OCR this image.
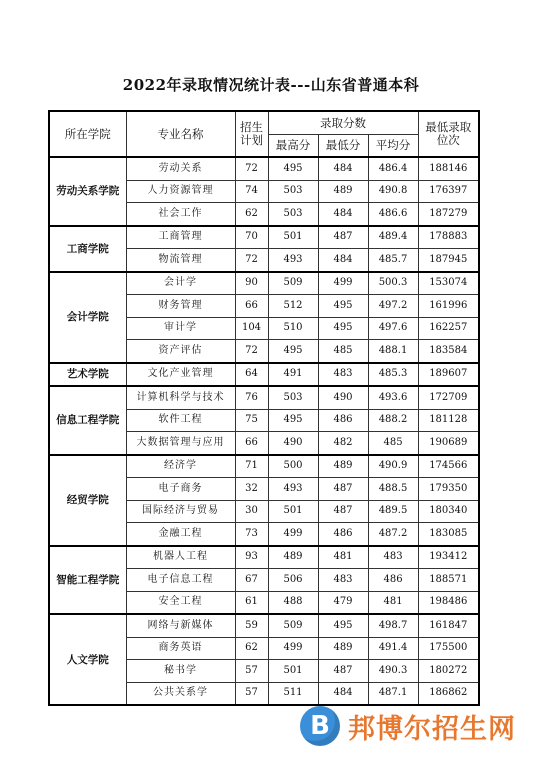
2022年录取情况统计表---山东省普通本科
所在学院	专业名称	招生计划	录取分数			最低录取位次
			最高分	最低分	平均分	
劳动关系学院	劳动关系	72	495	484	486.4	188146
	人力资源管理	74	503	489	490.8	176397
	社会工作	62	503	484	486.6	187279
工商学院	工商管理	70	501	487	489.4	178883
	物流管理	72	493	484	485.7	187945
会计学院	会计学	90	509	499	500.3	153074
	财务管理	66	512	495	497.2	161996
	审计学	104	510	495	497.6	162257
	资产评估	72	495	485	488.1	183584
艺术学院	文化产业管理	64	491	483	485.3	189607
信息工程学院	计算机科学与技术	76	503	490	493.6	172709
	软件工程	75	495	486	488.2	181128
	大数据管理与应用	66	490	482	485	190689
经贸学院	经济学	71	500	489	490.9	174566
	电子商务	32	493	487	488.5	179350
	国际经济与贸易	30	501	487	489.5	180340
	金融工程	73	499	486	487.2	183085
智能工程学院	机器人工程	93	489	481	483	193412
	电子信息工程	67	506	483	486	188571
	安全工程	61	488	479	481	198486
人文学院	网络与新媒体	59	509	495	498.7	161847
	商务英语	62	499	489	491.4	175500
	秘书学	57	501	487	490.3	180272
	公共关系学	57	511	484	487.1	186862
B 邦博尔招生网
